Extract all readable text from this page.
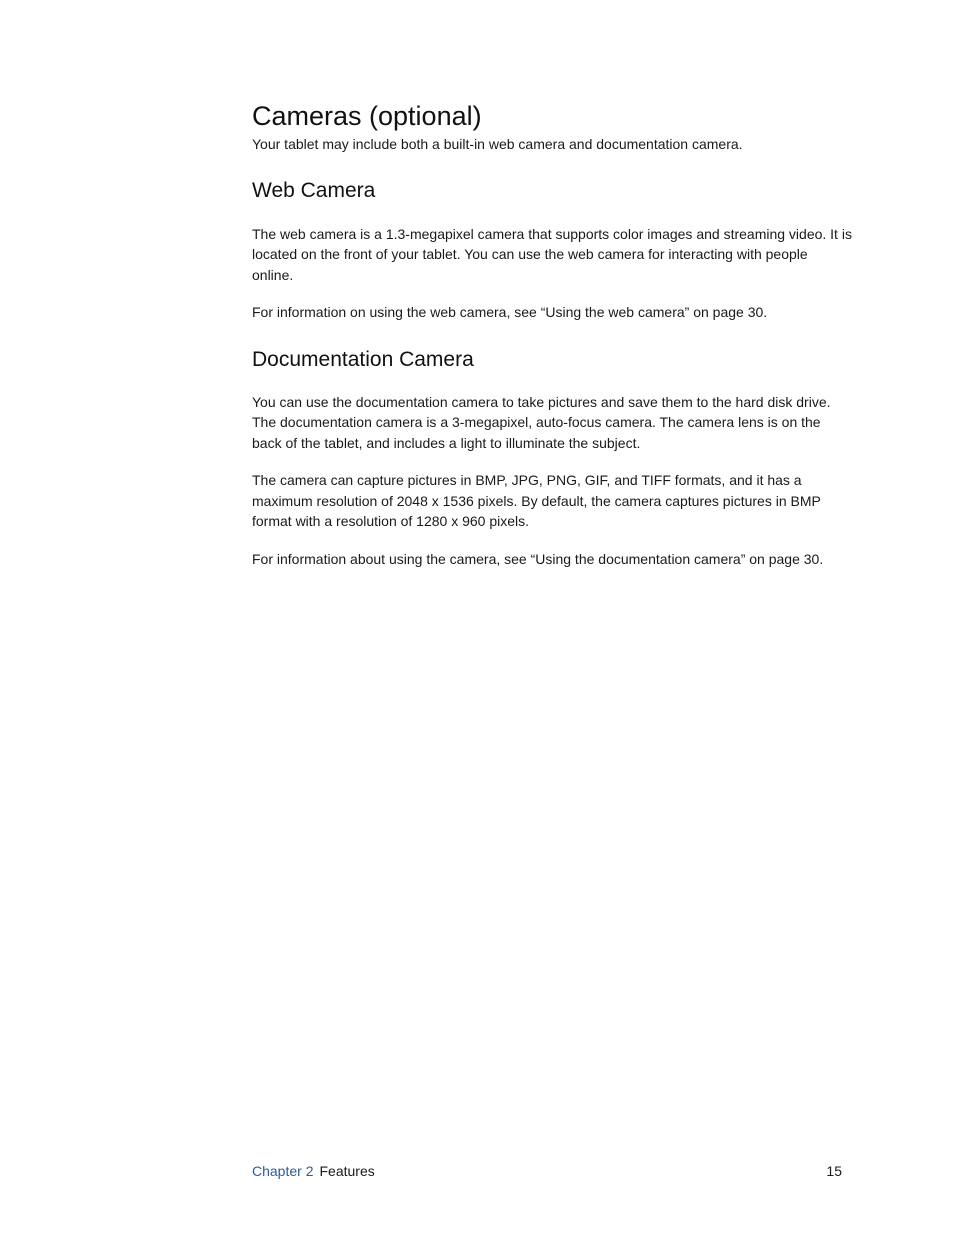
Cameras (optional)

Your tablet may include both a built-in web camera and documentation camera.

Web Camera

The web camera is a 1.3-megapixel camera that supports color images and streaming video. It is located on the front of your tablet. You can use the web camera for interacting with people online.

For information on using the web camera, see “Using the web camera” on page 30.

Documentation Camera

You can use the documentation camera to take pictures and save them to the hard disk drive. The documentation camera is a 3-megapixel, auto-focus camera. The camera lens is on the back of the tablet, and includes a light to illuminate the subject.

The camera can capture pictures in BMP, JPG, PNG, GIF, and TIFF formats, and it has a maximum resolution of 2048 x 1536 pixels. By default, the camera captures pictures in BMP format with a resolution of 1280 x 960 pixels.

For information about using the camera, see “Using the documentation camera” on page 30.

Chapter 2 Features	15
